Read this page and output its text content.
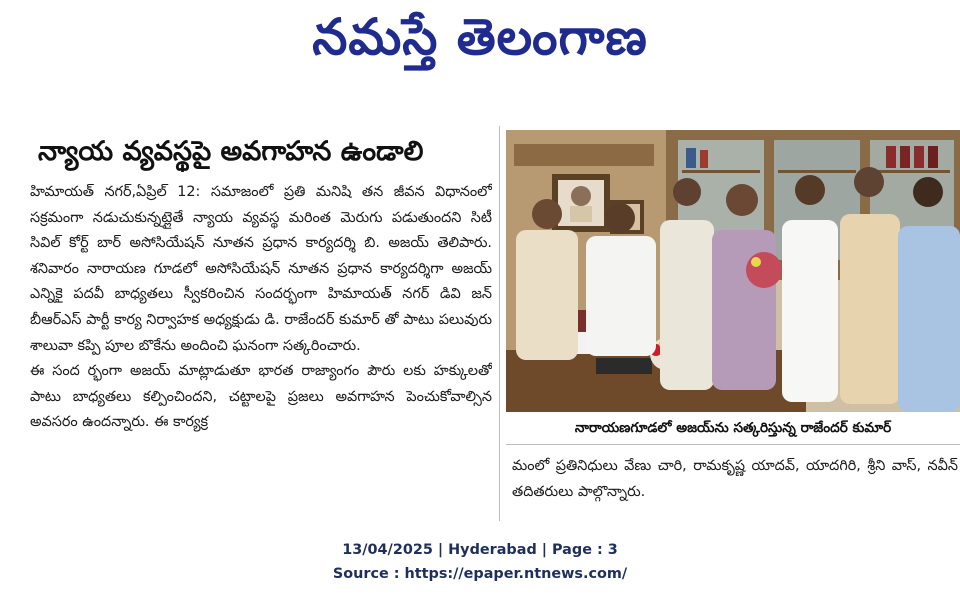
నమస్తే తెలంగాణ
న్యాయ వ్యవస్థపై అవగాహన ఉండాలి

హిమాయత్ నగర్,ఏప్రిల్ 12: సమాజంలో ప్రతి మనిషి తన జీవన విధానంలో సక్రమంగా నడుచుకున్నట్లైతే న్యాయ వ్యవస్థ మరింత మెరుగు పడుతుందని సిటీ సివిల్ కోర్ట్ బార్ అసోసియేషన్ నూతన ప్రధాన కార్యదర్శి బి. అజయ్ తెలిపారు. శనివారం నారాయణ గూడలో అసోసియేషన్ నూతన ప్రధాన కార్యదర్శిగా అజయ్ ఎన్నికై పదవీ బాధ్యతలు స్వీకరించిన సందర్భంగా హిమాయత్ నగర్ డివి జన్ బీఆర్ఎస్ పార్టీ కార్య నిర్వాహక అధ్యక్షుడు డి. రాజేందర్ కుమార్ తో పాటు పలువురు శాలువా కప్పి పూల బొకేను అందించి ఘనంగా సత్కరించారు.

ఈ సంద ర్భంగా అజయ్ మాట్లాడుతూ భారత రాజ్యాంగం పౌరు లకు హక్కులతో పాటు బాధ్యతలు కల్పించిందని, చట్టాలపై ప్రజలు అవగాహన పెంచుకోవాల్సిన అవసరం ఉందన్నారు. ఈ కార్యక్ర	నారాయణగూడలో అజయ్‌ను సత్కరిస్తున్న రాజేందర్ కుమార్

మంలో ప్రతినిధులు వేణు చారి, రామకృష్ణ యాదవ్, యాదగిరి, శ్రీని వాస్, నవీన్ తదితరులు పాల్గొన్నారు.

13/04/2025 | Hyderabad | Page : 3
Source : https://epaper.ntnews.com/
